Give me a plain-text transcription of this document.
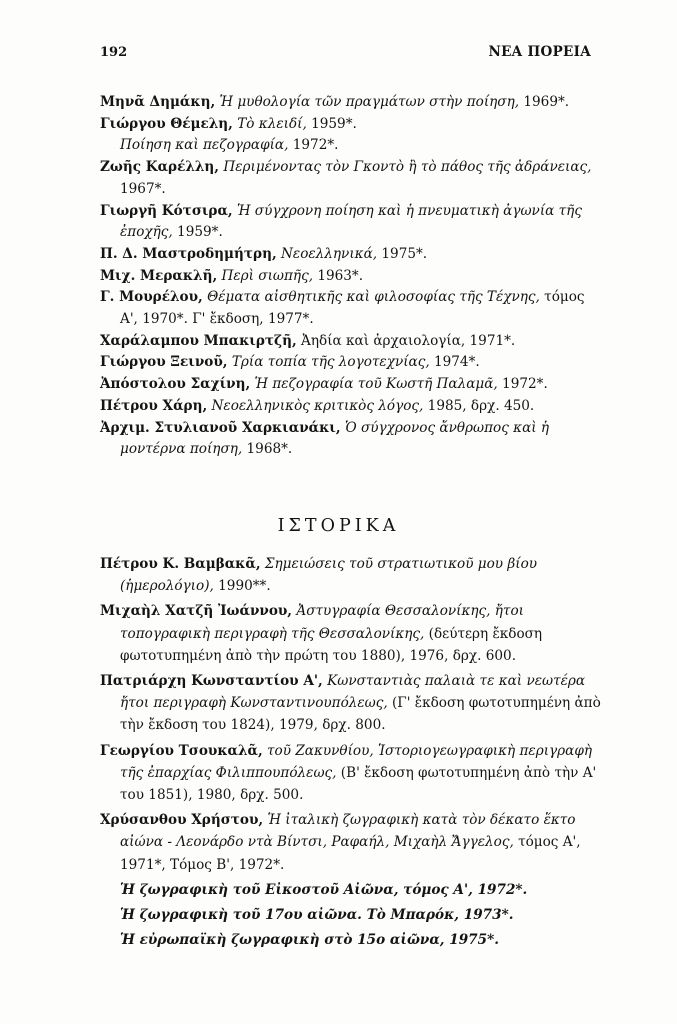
192	ΝΕΑ ΠΟΡΕΙΑ
Μηνᾶ Δημάκη, Ἡ μυθολογία τῶν πραγμάτων στὴν ποίηση, 1969*.
Γιώργου Θέμελη, Τὸ κλειδί, 1959*.
Ποίηση καὶ πεζογραφία, 1972*.
Ζωῆς Καρέλλη, Περιμένοντας τὸν Γκοντὸ ἢ τὸ πάθος τῆς ἀδράνειας, 1967*.
Γιωργῆ Κότσιρα, Ἡ σύγχρονη ποίηση καὶ ἡ πνευματικὴ ἀγωνία τῆς ἐποχῆς, 1959*.
Π. Δ. Μαστροδημήτρη, Νεοελληνικά, 1975*.
Μιχ. Μερακλῆ, Περὶ σιωπῆς, 1963*.
Γ. Μουρέλου, Θέματα αἰσθητικῆς καὶ φιλοσοφίας τῆς Τέχνης, τόμος Α', 1970*. Γ' ἔκδοση, 1977*.
Χαράλαμπου Μπακιρτζῆ, Ἀηδία καὶ ἀρχαιολογία, 1971*.
Γιώργου Ξεινοῦ, Τρία τοπία τῆς λογοτεχνίας, 1974*.
Ἀπόστολου Σαχίνη, Ἡ πεζογραφία τοῦ Κωστῆ Παλαμᾶ, 1972*.
Πέτρου Χάρη, Νεοελληνικὸς κριτικὸς λόγος, 1985, δρχ. 450.
Ἀρχιμ. Στυλιανοῦ Χαρκιανάκι, Ὁ σύγχρονος ἄνθρωπος καὶ ἡ μοντέρνα ποίηση, 1968*.
ΙΣΤΟΡΙΚΑ
Πέτρου Κ. Βαμβακᾶ, Σημειώσεις τοῦ στρατιωτικοῦ μου βίου (ἡμερολόγιο), 1990**.
Μιχαὴλ Χατζῆ Ἰωάννου, Ἀστυγραφία Θεσσαλονίκης, ἤτοι τοπογραφικὴ περιγραφὴ τῆς Θεσσαλονίκης, (δεύτερη ἔκδοση φωτοτυπημένη ἀπὸ τὴν πρώτη του 1880), 1976, δρχ. 600.
Πατριάρχη Κωνσταντίου Α', Κωνσταντιὰς παλαιὰ τε καὶ νεωτέρα ἤτοι περιγραφὴ Κωνσταντινουπόλεως, (Γ' ἔκδοση φωτοτυπημένη ἀπὸ τὴν ἔκδοση του 1824), 1979, δρχ. 800.
Γεωργίου Τσουκαλᾶ, τοῦ Ζακυνθίου, Ἱστοριογεωγραφικὴ περιγραφὴ τῆς ἐπαρχίας Φιλιππουπόλεως, (Β' ἔκδοση φωτοτυπημένη ἀπὸ τὴν Α' του 1851), 1980, δρχ. 500.
Χρύσανθου Χρήστου, Ἡ ἰταλικὴ ζωγραφικὴ κατὰ τὸν δέκατο ἕκτο αἰώνα - Λεονάρδο ντὰ Βίντσι, Ραφαήλ, Μιχαὴλ Ἄγγελος, τόμος Α', 1971*, Τόμος Β', 1972*.
Ἡ ζωγραφικὴ τοῦ Εἰκοστοῦ Αἰῶνα, τόμος Α', 1972*.
Ἡ ζωγραφικὴ τοῦ 17ου αἰῶνα. Τὸ Μπαρόκ, 1973*.
Ἡ εὐρωπαϊκὴ ζωγραφικὴ στὸ 15ο αἰῶνα, 1975*.
